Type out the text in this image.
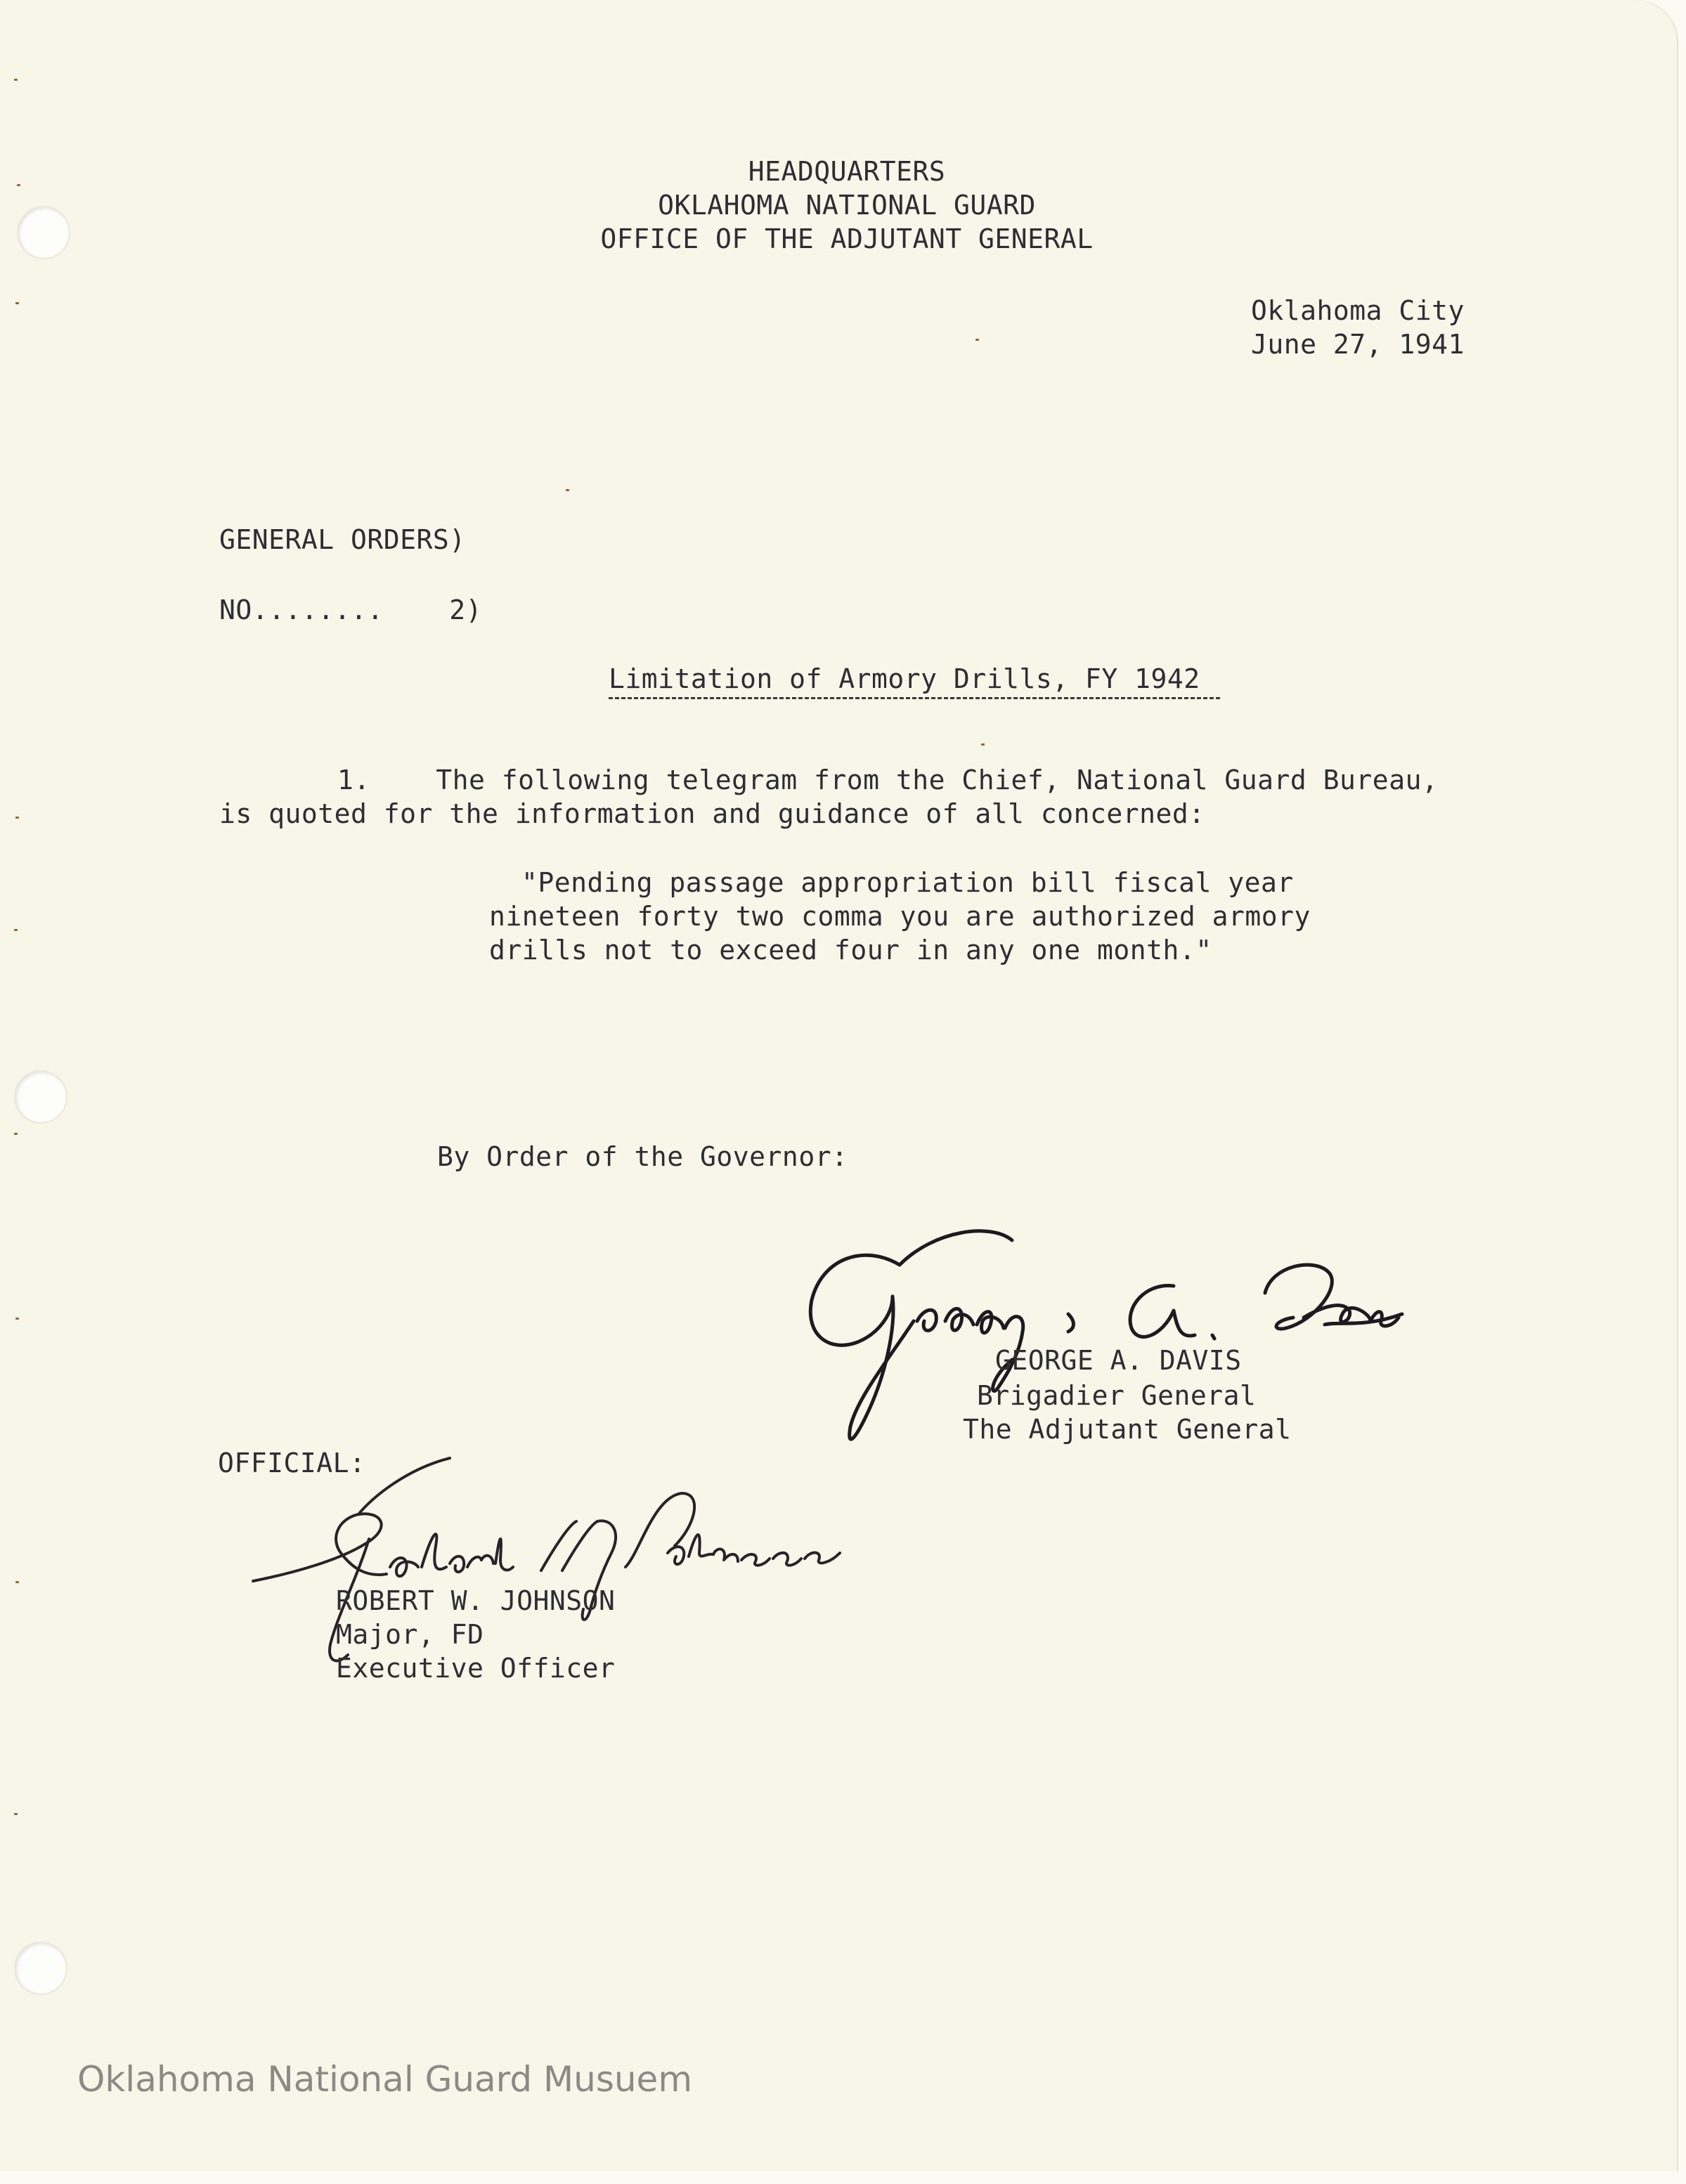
HEADQUARTERS
OKLAHOMA NATIONAL GUARD
OFFICE OF THE ADJUTANT GENERAL
Oklahoma City
June 27, 1941
GENERAL ORDERS)
NO........    2)
Limitation of Armory Drills, FY 1942
1.    The following telegram from the Chief, National Guard Bureau,
is quoted for the information and guidance of all concerned:
"Pending passage appropriation bill fiscal year
nineteen forty two comma you are authorized armory
drills not to exceed four in any one month."
By Order of the Governor:
GEORGE A. DAVIS
Brigadier General
The Adjutant General
OFFICIAL:
ROBERT W. JOHNSON
Major, FD
Executive Officer
Oklahoma National Guard Musuem
